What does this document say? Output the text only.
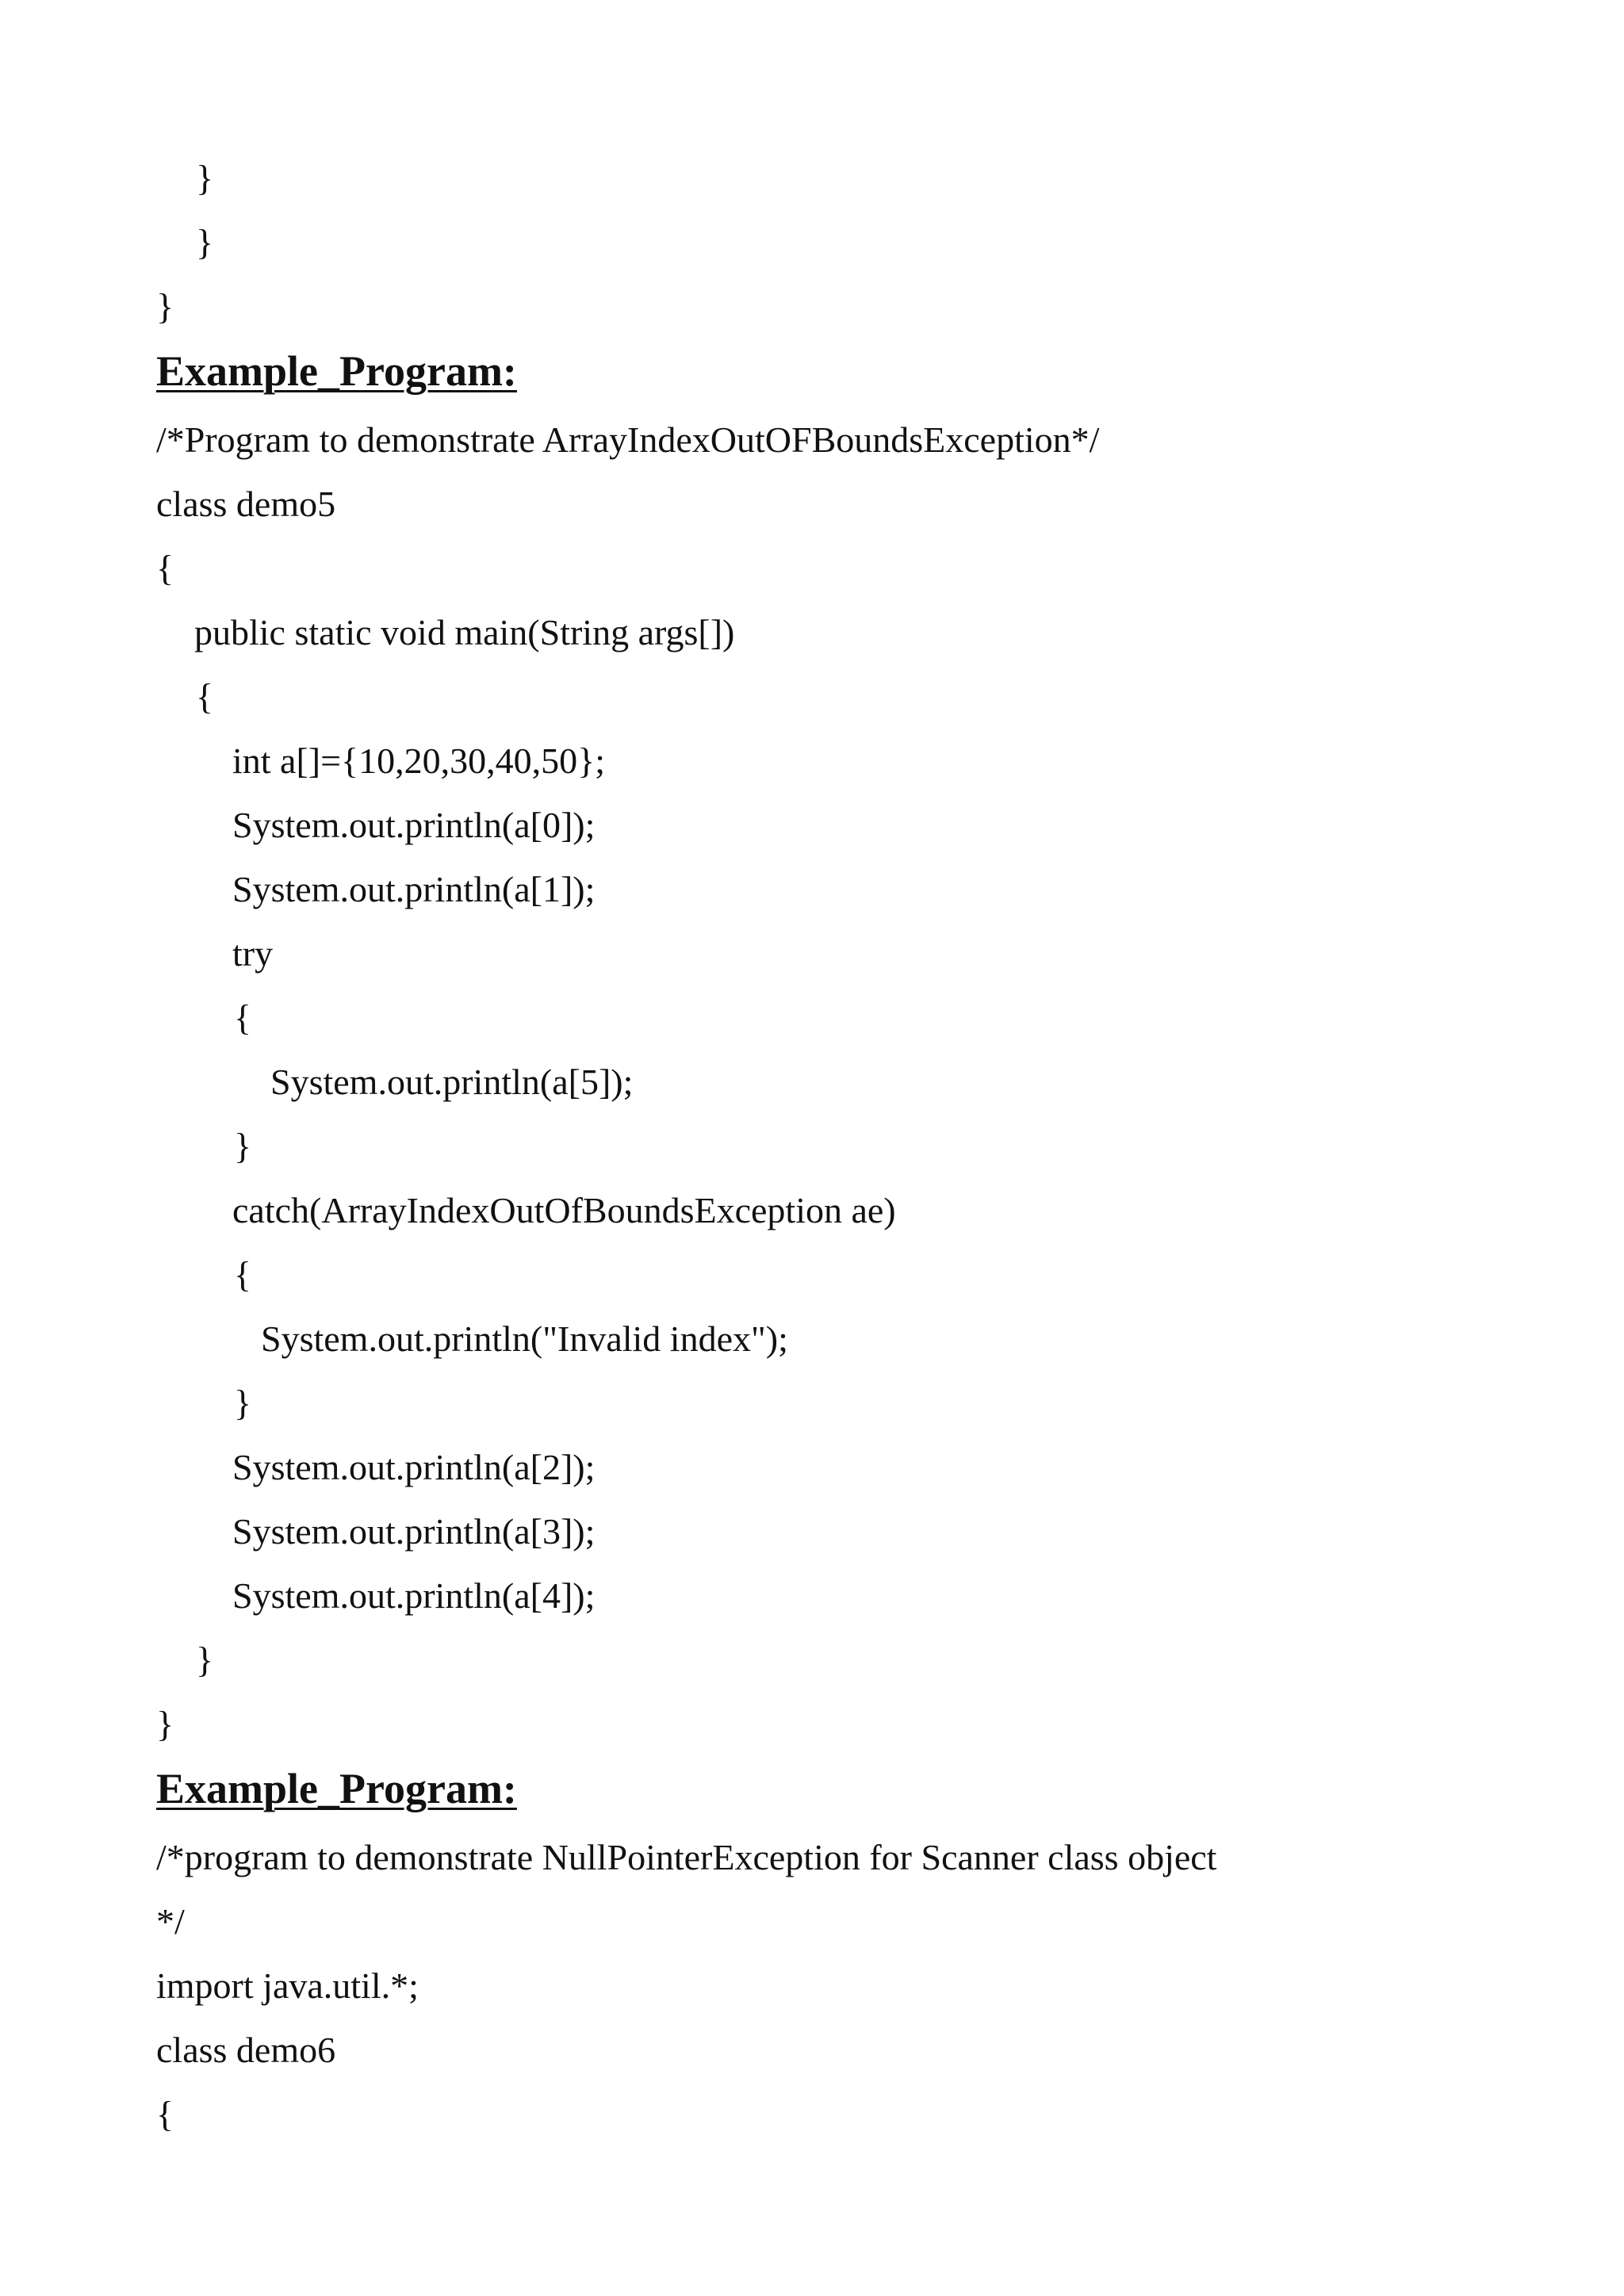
}
}
}
Example_Program:
/*Program to demonstrate ArrayIndexOutOFBoundsException*/
class demo5
{
public static void main(String args[])
{
int a[]={10,20,30,40,50};
System.out.println(a[0]);
System.out.println(a[1]);
try
{
System.out.println(a[5]);
}
catch(ArrayIndexOutOfBoundsException ae)
{
System.out.println("Invalid index");
}
System.out.println(a[2]);
System.out.println(a[3]);
System.out.println(a[4]);
}
}
Example_Program:
/*program to demonstrate NullPointerException for Scanner class object
*/
import java.util.*;
class demo6
{
